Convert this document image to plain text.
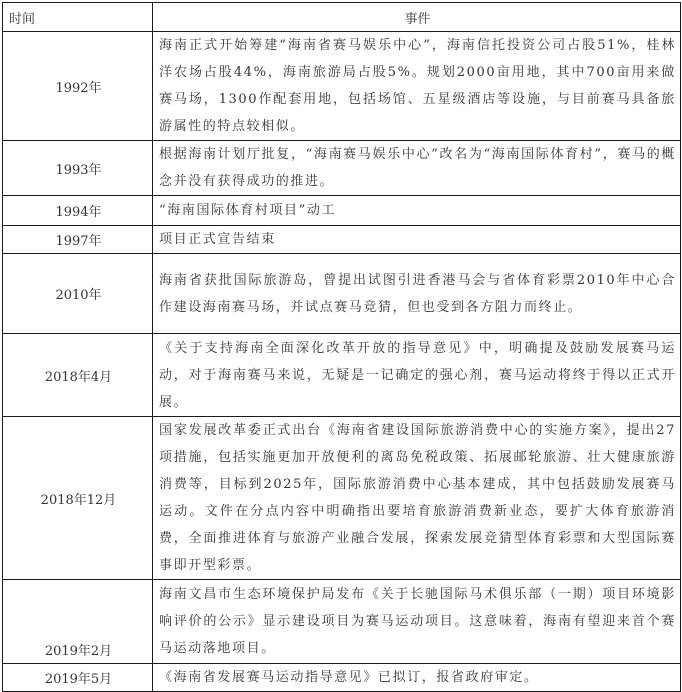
时间	事件
1992年	海南正式开始筹建“海南省赛马娱乐中心”，海南信托投资公司占股51%，桂林洋农场占股44%，海南旅游局占股5%。规划2000亩用地，其中700亩用来做赛马场，1300作配套用地，包括场馆、五星级酒店等设施，与目前赛马具备旅游属性的特点较相似。
1993年	根据海南计划厅批复，“海南赛马娱乐中心”改名为“海南国际体育村”，赛马的概念并没有获得成功的推进。
1994年	“海南国际体育村项目”动工
1997年	项目正式宣告结束
2010年	海南省获批国际旅游岛，曾提出试图引进香港马会与省体育彩票2010年中心合作建设海南赛马场，并试点赛马竞猜，但也受到各方阻力而终止。
2018年4月	《关于支持海南全面深化改革开放的指导意见》中，明确提及鼓励发展赛马运动，对于海南赛马来说，无疑是一记确定的强心剂，赛马运动将终于得以正式开展。
2018年12月	国家发展改革委正式出台《海南省建设国际旅游消费中心的实施方案》，提出27项措施，包括实施更加开放便利的离岛免税政策、拓展邮轮旅游、壮大健康旅游消费等，目标到2025年，国际旅游消费中心基本建成，其中包括鼓励发展赛马运动。文件在分点内容中明确指出要培育旅游消费新业态，要扩大体育旅游消费，全面推进体育与旅游产业融合发展，探索发展竞猜型体育彩票和大型国际赛事即开型彩票。
2019年2月	海南文昌市生态环境保护局发布《关于长驰国际马术俱乐部（一期）项目环境影响评价的公示》显示建设项目为赛马运动项目。这意味着，海南有望迎来首个赛马运动落地项目。
2019年5月	《海南省发展赛马运动指导意见》已拟订，报省政府审定。
